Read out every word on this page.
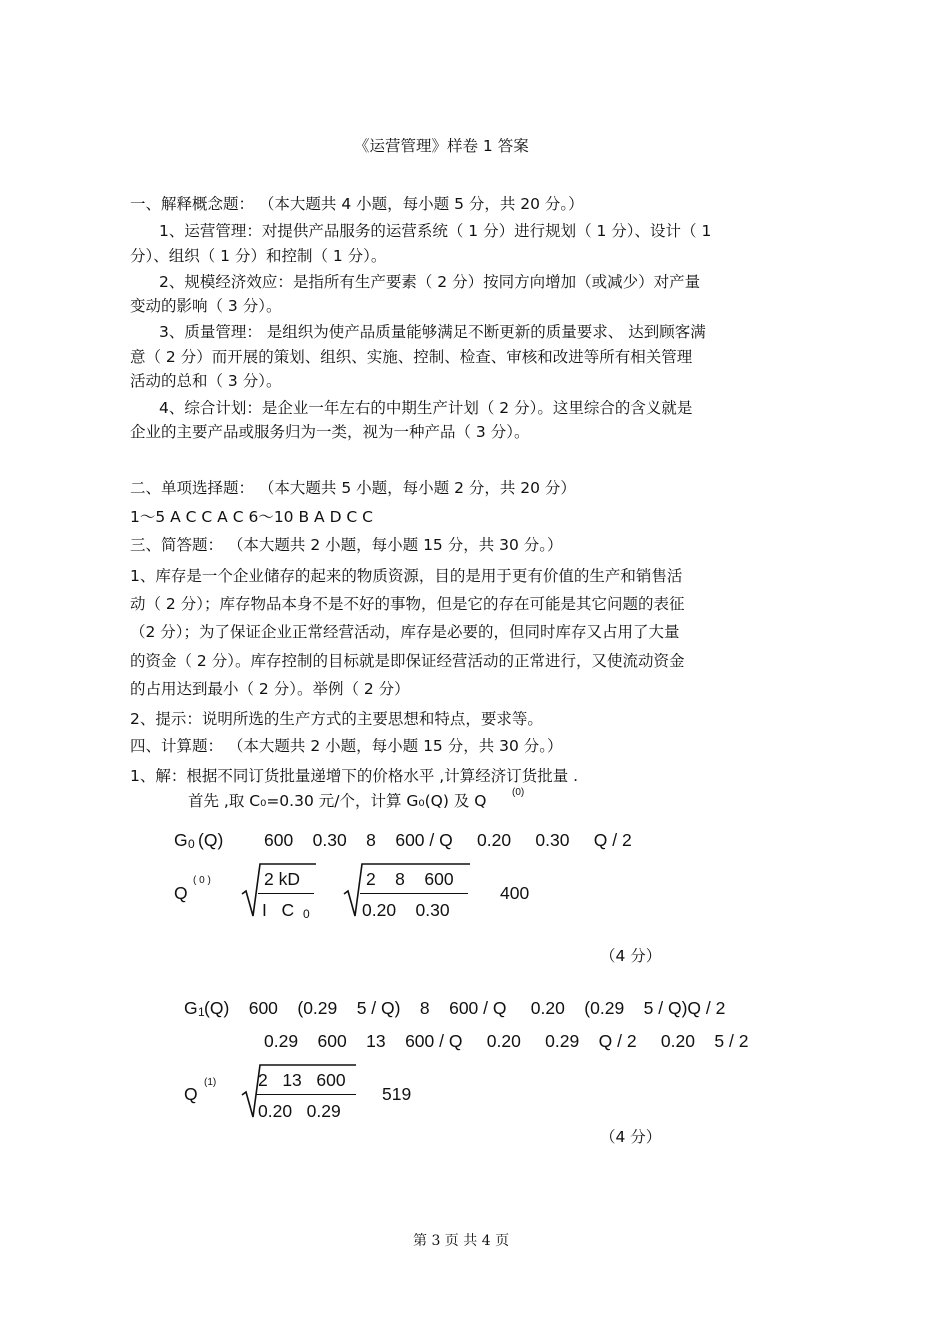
《运营管理》样卷 1 答案
一、解释概念题： （本大题共 4 小题，每小题 5 分，共 20 分。）
1、运营管理：对提供产品服务的运营系统（ 1 分）进行规划（ 1 分）、设计（ 1
分）、组织（ 1 分）和控制（ 1 分）。
2、规模经济效应：是指所有生产要素（ 2 分）按同方向增加（或减少）对产量
变动的影响（ 3 分）。
3、质量管理： 是组织为使产品质量能够满足不断更新的质量要求、 达到顾客满
意（ 2 分）而开展的策划、组织、实施、控制、检查、审核和改进等所有相关管理
活动的总和（ 3 分）。
4、综合计划：是企业一年左右的中期生产计划（ 2 分）。这里综合的含义就是
企业的主要产品或服务归为一类，视为一种产品（ 3 分）。
二、单项选择题： （本大题共 5 小题，每小题 2 分，共 20 分）
1～5 A C C A C 6～10 B A D C C
三、简答题： （本大题共 2 小题，每小题 15 分，共 30 分。）
1、库存是一个企业储存的起来的物质资源，目的是用于更有价值的生产和销售活
动（ 2 分）；库存物品本身不是不好的事物，但是它的存在可能是其它问题的表征
（2 分）；为了保证企业正常经营活动，库存是必要的，但同时库存又占用了大量
的资金（ 2 分）。库存控制的目标就是即保证经营活动的正常进行，又使流动资金
的占用达到最小（ 2 分）。举例（ 2 分）
2、提示：说明所选的生产方式的主要思想和特点，要求等。
四、计算题： （本大题共 2 小题，每小题 15 分，共 30 分。）
1、解：根据不同订货批量递增下的价格水平 ,计算经济订货批量 .
首先 ,取 C₀=0.30 元/个，计算 G₀(Q) 及 Q	(0)
G 0 (Q) 600    0.30    8    600 / Q     0.20     0.30     Q / 2
Q
( 0 )	2 kD
I   C 0
2    8    600
0.20    0.30
400
（4 分）
G 1 (Q)    600    (0.29    5 / Q)    8    600 / Q     0.20    (0.29    5 / Q)Q / 2
0.29    600    13    600 / Q     0.20     0.29    Q / 2     0.20    5 / 2
Q
(1) 2   13   600
0.20   0.29
519
（4 分）
第 3 页 共 4 页
